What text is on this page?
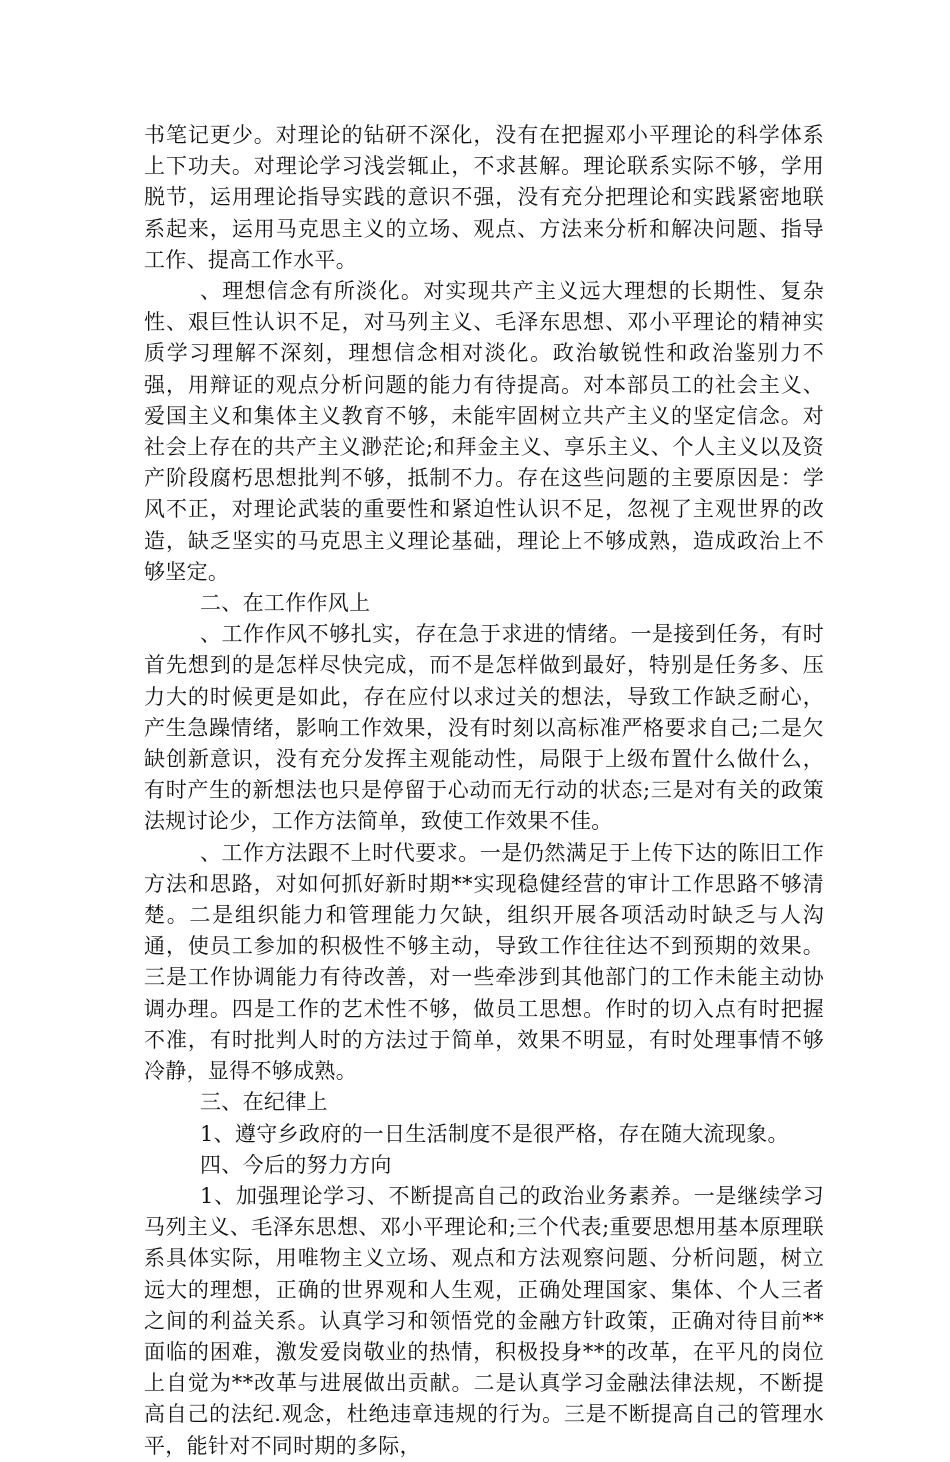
书笔记更少。对理论的钻研不深化，没有在把握邓小平理论的科学体系上下功夫。对理论学习浅尝辄止，不求甚解。理论联系实际不够，学用脱节，运用理论指导实践的意识不强，没有充分把理论和实践紧密地联系起来，运用马克思主义的立场、观点、方法来分析和解决问题、指导工作、提高工作水平。

、理想信念有所淡化。对实现共产主义远大理想的长期性、复杂性、艰巨性认识不足，对马列主义、毛泽东思想、邓小平理论的精神实质学习理解不深刻，理想信念相对淡化。政治敏锐性和政治鉴别力不强，用辩证的观点分析问题的能力有待提高。对本部员工的社会主义、爱国主义和集体主义教育不够，未能牢固树立共产主义的坚定信念。对社会上存在的共产主义渺茫论;和拜金主义、享乐主义、个人主义以及资产阶段腐朽思想批判不够，抵制不力。存在这些问题的主要原因是：学风不正，对理论武装的重要性和紧迫性认识不足，忽视了主观世界的改造，缺乏坚实的马克思主义理论基础，理论上不够成熟，造成政治上不够坚定。

二、在工作作风上

、工作作风不够扎实，存在急于求进的情绪。一是接到任务，有时首先想到的是怎样尽快完成，而不是怎样做到最好，特别是任务多、压力大的时候更是如此，存在应付以求过关的想法，导致工作缺乏耐心，产生急躁情绪，影响工作效果，没有时刻以高标准严格要求自己;二是欠缺创新意识，没有充分发挥主观能动性，局限于上级布置什么做什么，有时产生的新想法也只是停留于心动而无行动的状态;三是对有关的政策法规讨论少，工作方法简单，致使工作效果不佳。

、工作方法跟不上时代要求。一是仍然满足于上传下达的陈旧工作方法和思路，对如何抓好新时期**实现稳健经营的审计工作思路不够清楚。二是组织能力和管理能力欠缺，组织开展各项活动时缺乏与人沟通，使员工参加的积极性不够主动，导致工作往往达不到预期的效果。三是工作协调能力有待改善，对一些牵涉到其他部门的工作未能主动协调办理。四是工作的艺术性不够，做员工思想。作时的切入点有时把握不准，有时批判人时的方法过于简单，效果不明显，有时处理事情不够冷静，显得不够成熟。

三、在纪律上

1、遵守乡政府的一日生活制度不是很严格，存在随大流现象。

四、今后的努力方向

1、加强理论学习、不断提高自己的政治业务素养。一是继续学习马列主义、毛泽东思想、邓小平理论和;三个代表;重要思想用基本原理联系具体实际，用唯物主义立场、观点和方法观察问题、分析问题，树立远大的理想，正确的世界观和人生观，正确处理国家、集体、个人三者之间的利益关系。认真学习和领悟党的金融方针政策，正确对待目前**面临的困难，激发爱岗敬业的热情，积极投身**的改革，在平凡的岗位上自觉为**改革与进展做出贡献。二是认真学习金融法律法规，不断提高自己的法纪.观念，杜绝违章违规的行为。三是不断提高自己的管理水平，能针对不同时期的多际，
